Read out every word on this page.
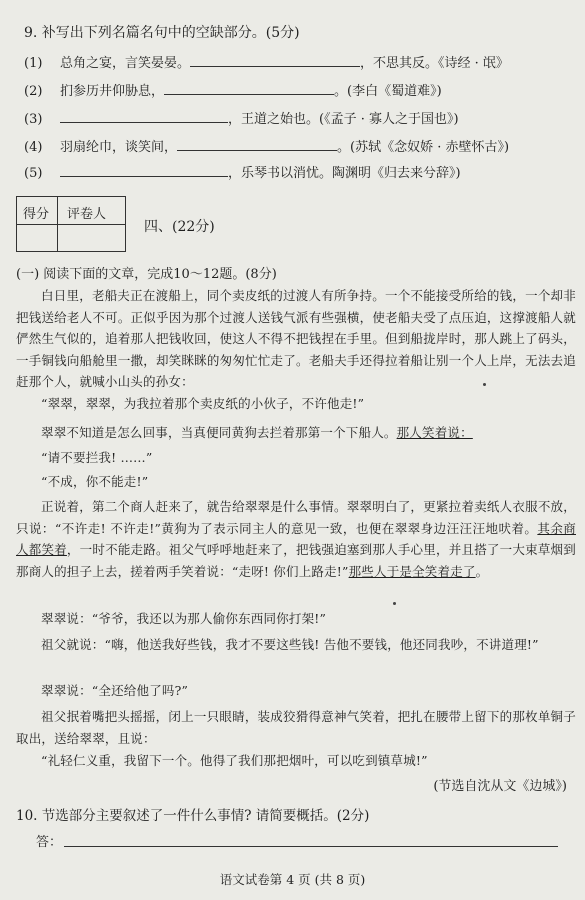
9. 补写出下列名篇名句中的空缺部分。(5分)
(1) 总角之宴，言笑晏晏。	，不思其反。《诗经 · 氓》
(2) 扪参历井仰胁息，	。(李白《蜀道难》)
(3)	，王道之始也。(《孟子 · 寡人之于国也》)
(4) 羽扇纶巾，谈笑间，	。(苏轼《念奴娇 · 赤壁怀古》)
(5)	，乐琴书以消忧。陶渊明《归去来兮辞》)
得分 评卷人
四、(22分)
(一) 阅读下面的文章，完成10～12题。(8分)
白日里，老船夫正在渡船上，同个卖皮纸的过渡人有所争持。一个不能接受所给的钱，一个却非把钱送给老人不可。正似乎因为那个过渡人送钱气派有些强横，使老船夫受了点压迫，这撑渡船人就俨然生气似的，追着那人把钱收回，使这人不得不把钱捏在手里。但到船拢岸时，那人跳上了码头，一手铜钱向船舱里一撒，却笑眯眯的匆匆忙忙走了。老船夫手还得拉着船让别一个人上岸，无法去追赶那个人，就喊小山头的孙女：
“翠翠，翠翠，为我拉着那个卖皮纸的小伙子，不许他走!”
翠翠不知道是怎么回事，当真便同黄狗去拦着那第一个下船人。那人笑着说：
“请不要拦我! ……”
“不成，你不能走!”
正说着，第二个商人赶来了，就告给翠翠是什么事情。翠翠明白了，更紧拉着卖纸人衣服不放，只说：“不许走! 不许走!”黄狗为了表示同主人的意见一致，也便在翠翠身边汪汪汪地吠着。其余商人都笑着，一时不能走路。祖父气呼呼地赶来了，把钱强迫塞到那人手心里，并且搭了一大束草烟到那商人的担子上去，搓着两手笑着说：“走呀! 你们上路走!”那些人于是全笑着走了。
翠翠说：“爷爷，我还以为那人偷你东西同你打架!”
祖父就说：“嗨，他送我好些钱，我才不要这些钱! 告他不要钱，他还同我吵，不讲道理!”
翠翠说：“全还给他了吗?”
祖父抿着嘴把头摇摇，闭上一只眼睛，装成狡猾得意神气笑着，把扎在腰带上留下的那枚单铜子取出，送给翠翠，且说：
“礼轻仁义重，我留下一个。他得了我们那把烟叶，可以吃到镇草城!”
(节选自沈从文《边城》)
10. 节选部分主要叙述了一件什么事情? 请简要概括。(2分)
答：
语文试卷第 4 页 (共 8 页)
